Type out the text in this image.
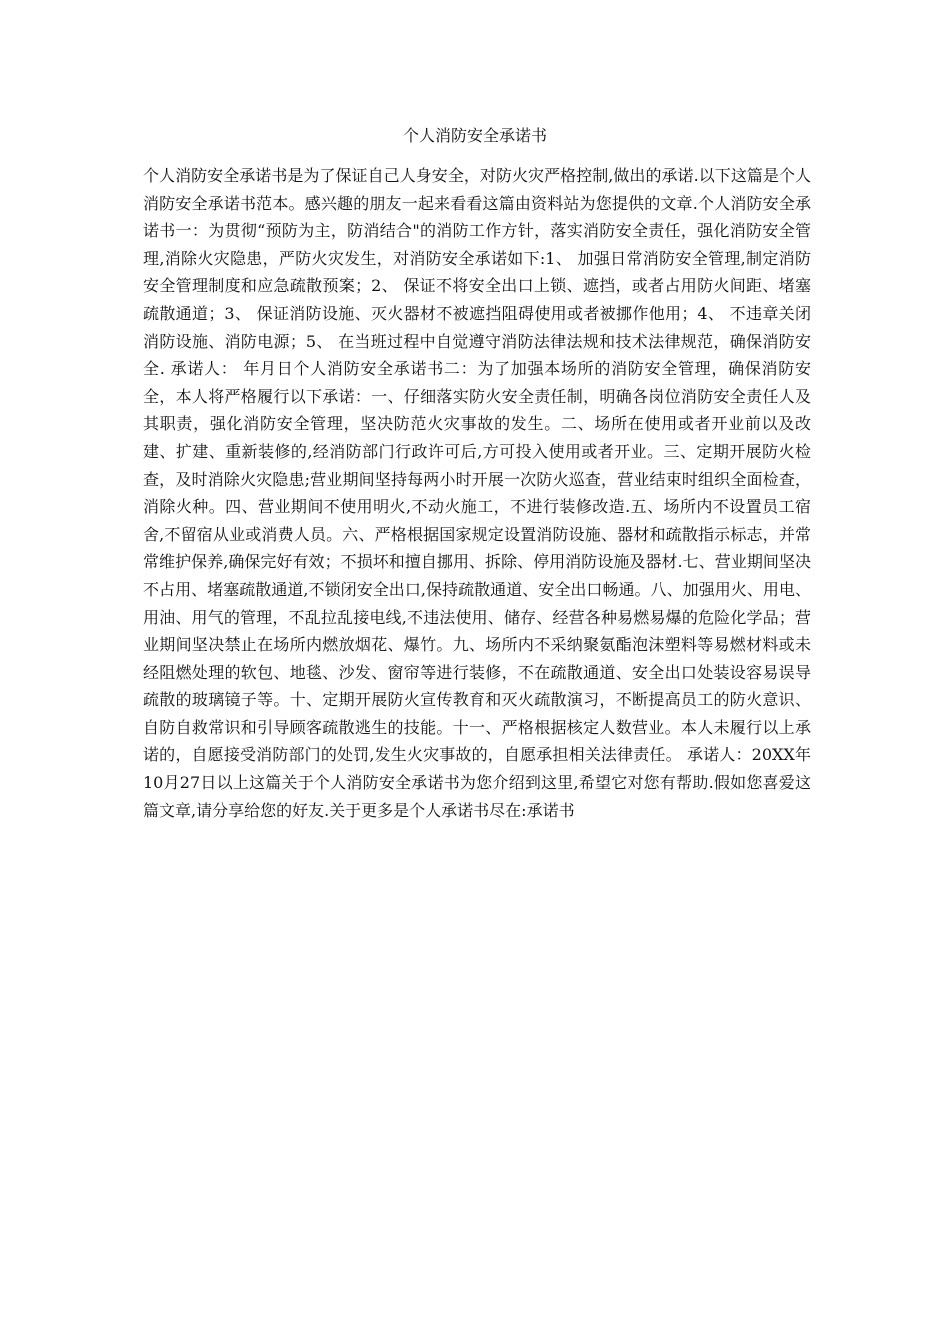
个人消防安全承诺书

个人消防安全承诺书是为了保证自己人身安全，对防火灾严格控制,做出的承诺.以下这篇是个人消防安全承诺书范本。感兴趣的朋友一起来看看这篇由资料站为您提供的文章.个人消防安全承诺书一：为贯彻“预防为主，防消结合"的消防工作方针，落实消防安全责任，强化消防安全管理,消除火灾隐患，严防火灾发生，对消防安全承诺如下:1、 加强日常消防安全管理,制定消防安全管理制度和应急疏散预案；2、 保证不将安全出口上锁、遮挡，或者占用防火间距、堵塞疏散通道；3、 保证消防设施、灭火器材不被遮挡阻碍使用或者被挪作他用；4、 不违章关闭消防设施、消防电源；5、 在当班过程中自觉遵守消防法律法规和技术法律规范，确保消防安全. 承诺人： 年月日个人消防安全承诺书二：为了加强本场所的消防安全管理，确保消防安全，本人将严格履行以下承诺：一、仔细落实防火安全责任制，明确各岗位消防安全责任人及其职责，强化消防安全管理，坚决防范火灾事故的发生。二、场所在使用或者开业前以及改建、扩建、重新装修的,经消防部门行政许可后,方可投入使用或者开业。三、定期开展防火检查，及时消除火灾隐患;营业期间坚持每两小时开展一次防火巡查，营业结束时组织全面检查，消除火种。四、营业期间不使用明火,不动火施工，不进行装修改造.五、场所内不设置员工宿舍,不留宿从业或消费人员。六、严格根据国家规定设置消防设施、器材和疏散指示标志，并常常维护保养,确保完好有效；不损坏和擅自挪用、拆除、停用消防设施及器材.七、营业期间坚决不占用、堵塞疏散通道,不锁闭安全出口,保持疏散通道、安全出口畅通。八、加强用火、用电、用油、用气的管理，不乱拉乱接电线,不违法使用、储存、经营各种易燃易爆的危险化学品；营业期间坚决禁止在场所内燃放烟花、爆竹。九、场所内不采纳聚氨酯泡沫塑料等易燃材料或未经阻燃处理的软包、地毯、沙发、窗帘等进行装修，不在疏散通道、安全出口处装设容易误导疏散的玻璃镜子等。十、定期开展防火宣传教育和灭火疏散演习，不断提高员工的防火意识、自防自救常识和引导顾客疏散逃生的技能。十一、严格根据核定人数营业。本人未履行以上承诺的，自愿接受消防部门的处罚,发生火灾事故的，自愿承担相关法律责任。 承诺人：20XX年10月27日以上这篇关于个人消防安全承诺书为您介绍到这里,希望它对您有帮助.假如您喜爱这篇文章,请分享给您的好友.关于更多是个人承诺书尽在:承诺书
